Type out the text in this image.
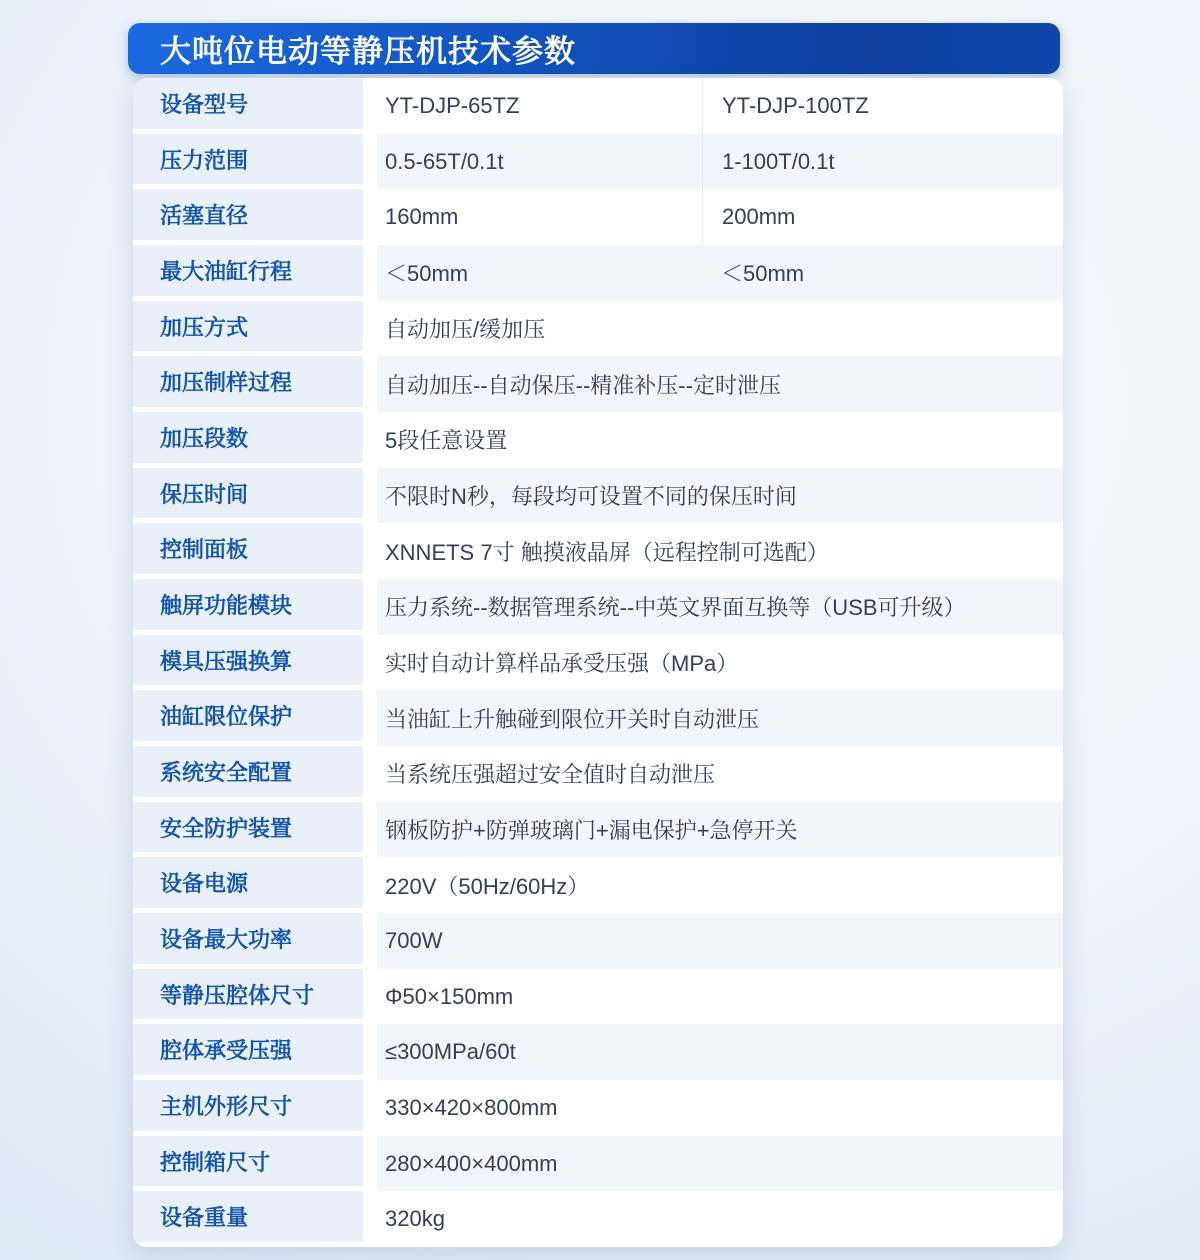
大吨位电动等静压机技术参数
设备型号	YT-DJP-65TZ	YT-DJP-100TZ
压力范围	0.5-65T/0.1t	1-100T/0.1t
活塞直径	160mm	200mm
最大油缸行程	＜50mm	＜50mm
加压方式	自动加压/缓加压
加压制样过程	自动加压--自动保压--精准补压--定时泄压
加压段数	5段任意设置
保压时间	不限时N秒，每段均可设置不同的保压时间
控制面板	XNNETS 7寸 触摸液晶屏（远程控制可选配）
触屏功能模块	压力系统--数据管理系统--中英文界面互换等（USB可升级）
模具压强换算	实时自动计算样品承受压强（MPa）
油缸限位保护	当油缸上升触碰到限位开关时自动泄压
系统安全配置	当系统压强超过安全值时自动泄压
安全防护装置	钢板防护+防弹玻璃门+漏电保护+急停开关
设备电源	220V（50Hz/60Hz）
设备最大功率	700W
等静压腔体尺寸	Φ50×150mm
腔体承受压强	≤300MPa/60t
主机外形尺寸	330×420×800mm
控制箱尺寸	280×400×400mm
设备重量	320kg
